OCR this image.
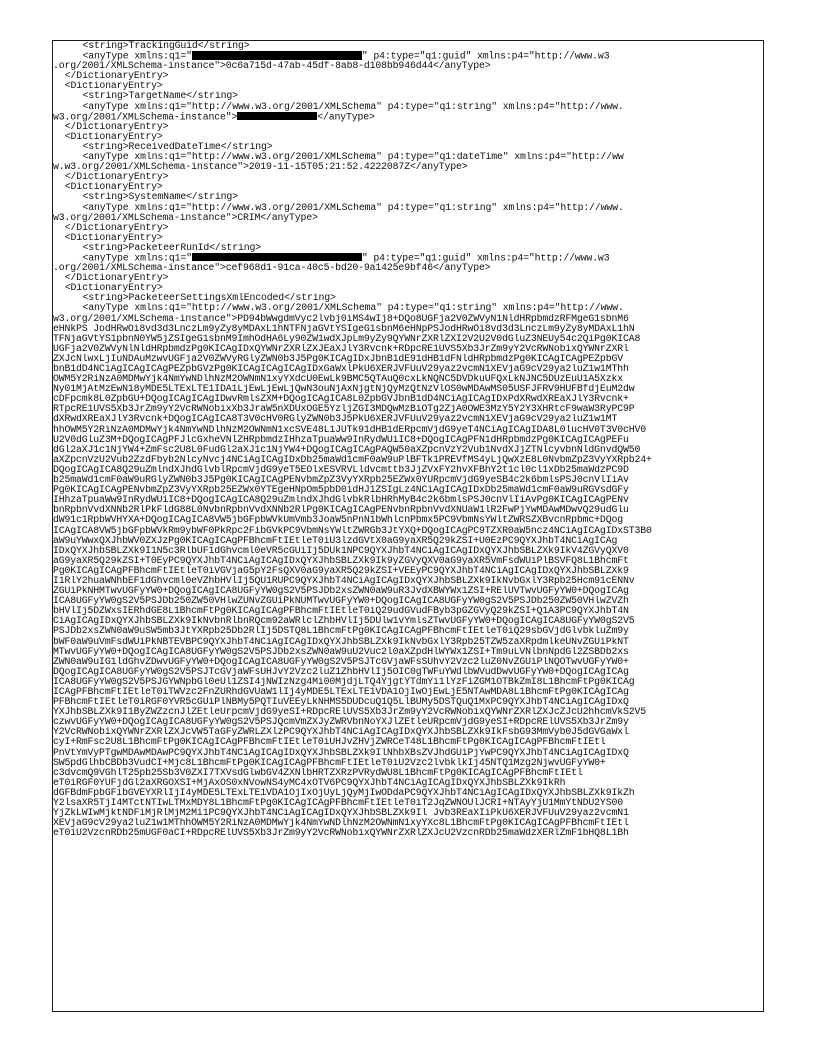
<string>TrackingGuid</string>
<anyType xmlns:q1="	" p4:type="q1:guid" xmlns:p4="http://www.w3
.org/2001/XMLSchema-instance">0c6a715d-47ab-45df-8ab8-d108bb946d44</anyType>
</DictionaryEntry>
<DictionaryEntry>
<string>TargetName</string>
<anyType xmlns:q1="http://www.w3.org/2001/XMLSchema" p4:type="q1:string" xmlns:p4="http://www.
w3.org/2001/XMLSchema-instance">	</anyType>
</DictionaryEntry>
<DictionaryEntry>
<string>ReceivedDateTime</string>
<anyType xmlns:q1="http://www.w3.org/2001/XMLSchema" p4:type="q1:dateTime" xmlns:p4="http://ww
w.w3.org/2001/XMLSchema-instance">2019-11-15T05:21:52.4222087Z</anyType>
</DictionaryEntry>
<DictionaryEntry>
<string>SystemName</string>
<anyType xmlns:q1="http://www.w3.org/2001/XMLSchema" p4:type="q1:string" xmlns:p4="http://www.
w3.org/2001/XMLSchema-instance">CRIM</anyType>
</DictionaryEntry>
<DictionaryEntry>
<string>PacketeerRunId</string>
<anyType xmlns:q1="	" p4:type="q1:guid" xmlns:p4="http://www.w3
.org/2001/XMLSchema-instance">cef968d1-91ca-40c5-bd20-9a1425e9bf46</anyType>
</DictionaryEntry>
<DictionaryEntry>
<string>PacketeerSettingsXmlEncoded</string>
<anyType xmlns:q1="http://www.w3.org/2001/XMLSchema" p4:type="q1:string" xmlns:p4="http://www.
w3.org/2001/XMLSchema-instance">PD94bWwgdmVyc2lvbj0iMS4wIj8+DQo8UGFja2V0ZWVyN1NldHRpbmdzRFMgeG1sbnM6
eHNkPS JodHRwOi8vd3d3LnczLm9yZy8yMDAxL1hNTFNjaGVtYSIgeG1sbnM6eHNpPSJodHRwOi8vd3d3LnczLm9yZy8yMDAxL1hN
TFNjaGVtYS1pbnN0YW5jZSIgeG1sbnM9ImhOdHA6Ly90ZW1wdXJpLm9yZy9QYWNrZXRlZXI2V2U2V0dGluZ3NEUy54c2QiPg0KICA8
UGFja2V0ZWVyNlNldHRpbmdzPg0KICAgIDxQYWNrZXRlZXJEaXJlY3Rvcnk+RDpcRE1UVS5Xb3JrZm9yY2VcRWNobixQYWNrZXRl
ZXJcNlwxLjIuNDAuMzwvUGFja2V0ZWVyRGlyZWN0b3J5Pg0KICAgIDxJbnB1dE91dHB1dFNldHRpbmdzPg0KICAgICAgPEZpbGV
bnB1dD4NCiAgICAgICAgPEZpbGVzPg0KICAgICAgICAgIDxGaWxlPkU6XERJVFUuV29yaz2vcmN1XEVjaG9cV29ya2luZ1w1MThh
OWM5Y2RiNzA0MDMwYjk4NmYwNDlhNzM2OWNmN1xyYXdcU0EwLk9BMC5QTAuQ0cxLkNQNC5DVDkuUFQxLkNJNC5DUzEuU1A5Xzkx
Ny01MjAtMzEwN18yMDE5LTExLTE1IDA1LjEwLjEwLjQwN3ouNjAxNjgtNjQyMzQtNzVlOS0wMDAwMS05USFJFRV9HUFBfdjEuM2dw
cDFpcmk8L0ZpbGU+DQogICAgICAgIDwvRmlsZXM+DQogICAgICA8L0ZpbGVJbnB1dD4NCiAgICAgIDxPdXRwdXREaXJlY3Rvcnk+
RTpcRE1UVS5Xb3JrZm9yY2VcRWNobixXb3JraW5nXDUxOGE5YzljZGI3MDQwMzBiOTg2ZjA0OWE3MzY5Y2Y3XHRtcF9waW3RyPC9P
dXRwdXREaXJlY3Rvcnk+DQogICAgICA8T3V0cHV0RGlyZWN0b3J5PkU6XERJVFUuV29yaz2vcmN1XEVjaG9cV29ya2luZ1w1MT
hhOWM5Y2RiNzA0MDMwYjk4NmYwNDlhNzM2OWNmN1xcSVE48L1JUTk91dHB1dERpcmVjdG9yeT4NCiAgICAgIDA8L0lucHV0T3V0cHV0
U2V0dGluZ3M+DQogICAgPFJlcGxheVNlZHRpbmdzIHhzaTpuaWw9InRydWUiIC8+DQogICAgPFN1dHRpbmdzPg0KICAgICAgPEFu
dGl2aXJ1c1NjYW4+ZmFsc2U8L0FudGl2aXJ1c1NjYW4+DQogICAgICAgPAQW50aXZpcnVzY2Vub1NvdXJjZTNlcyvbnNldGnvdQW50
aXZpcnVzU2Vub2ZzdFbyb2NlcyNvcj4NCiAgICAgIDxDb25maWd1cmF0aW9uPlBFTk1PREVfMS4yLjQwXzE8L0NvbmZpZ3VyYXRpb24+
DQogICAgICA8Q29uZmlndXJhdGlvblRpcmVjdG9yeT5EOlxESVRVLldvcmttb3JjZVxFY2hvXFBhY2t1cl0cl1xDb25maWdzPC9D
b25maWd1cmF0aW9uRGlyZWN0b3J5Pg0KICAgICAgPENvbmZpZ3VyYXRpb25EZWx0YURpcmVjdG9yeSB4c2k6bmlsPSJ0cnVlIiAv
Pg0KICAgICAgPENvbmZpZ3VyYXRpb25EZWx0YTEgeHNpOm5pbD0idHJ1ZSIgLz4NCiAgICAgIDxDb25maWd1cmF0aW9uRGVsdGFy
IHhzaTpuaWw9InRydWUiIC8+DQogICAgICA8Q29uZmlndXJhdGlvbkRlbHRhMyB4c2k6bmlsPSJ0cnVlIiAvPg0KICAgICAgPENv
bnRpbnVvdXNNb2RlPkFldG88L0NvbnRpbnVvdXNNb2RlPg0KICAgICAgPENvbnRpbnVvdXNUaW1lR2FwPjYwMDAwMDwvQ29udGlu
dW91c1RpbWVHYXA+DQogICAgICA8VW5jbGFpbWVkUmVmb3JoaW5nPnN1bWhlcnPbmx5PC9VbmNsYWltZWRSZXBvcnRpbmc+DQog
ICAgICA8VW5jbGFpbWVkRm9ybWF0PkRpc2FibGVkPC9VbmNsYWltZWRGb3JtYXQ+DQogICAgPC9TZXR0aW5ncz4NCiAgICAgIDxST3B0
aW9uYWwxQXJhbWV0ZXJzPg0KICAgICAgPFBhcmFtIEtleT0iU3lzdGVtX0aG9yaXR5Q29kZSI+U0EzPC9QYXJhbT4NCiAgICAg
IDxQYXJhbSBLZXk9I1N5c3RlbUF1dGhvcml0eVR5cGUiIj5DUk1NPC9QYXJhbT4NCiAgICAgIDxQYXJhbSBLZXk9IkV4ZGVyQXV0
aG9yaXR5Q29kZSI+T0EyPC9QYXJhbT4NCiAgICAgIDxQYXJhbSBLZXk9Ik9yZGVyQXV0aG9yaXR5VmFsdWUiPlBSVFQ8L1BhcmFt
Pg0KICAgICAgPFBhcmFtIEtleT0iVGVjaG5pY2FsQXV0aG9yaXR5Q29kZSI+VEEyPC9QYXJhbT4NCiAgICAgIDxQYXJhbSBLZXk9
I1RlY2huaWNhbEF1dGhvcml0eVZhbHVlIj5QU1RUPC9QYXJhbT4NCiAgICAgIDxQYXJhbSBLZXk9IkNvbGxlY3Rpb25Hcm91cENNv
ZGUiPkNHMTwvUGFyYW0+DQogICAgICA8UGFyYW0gS2V5PSJDb2xsZWN0aW9uR3JvdXBWYWx1ZSI+RElUVTwvUGFyYW0+DQogICAg
ICA8UGFyYW0gS2V5PSJDb250ZW50VHlwZUNvZGUiPkNUMTwvUGFyYW0+DQogICAgICA8UGFyYW0gS2V5PSJDb250ZW50VHlwZVZh
bHVlIj5DZWxsIERhdGE8L1BhcmFtPg0KICAgICAgPFBhcmFtIEtleT0iQ29udGVudFByb3pGZGVyQ29kZSI+Q1A3PC9QYXJhbT4N
CiAgICAgIDxQYXJhbSBLZXk9IkNvbnRlbnRQcm92aWRlclZhbHVlIj5DUlw1vYmlsZTwvUGFyYW0+DQogICAgICA8UGFyYW0gS2V5
PSJDb2xsZWN0aW9uSW5mb3JtYXRpb25Db2RlIj5DSTQ8L1BhcmFtPg0KICAgICAgPFBhcmFtIEtleT0iQ29sbGVjdGlvbkluZm9y
bWF0aW9uVmFsdWUiPkNBTEVBPC9QYXJhbT4NCiAgICAgIDxQYXJhbSBLZXk9IkNvbGxlY3Rpb25TZW5zaXRpdmlkeUNvZGUiPkNT
MTwvUGFyYW0+DQogICAgICA8UGFyYW0gS2V5PSJDb2xsZWN0aW9uU2Vuc2l0aXZpdHlWYWx1ZSI+Tm9uLVNlbnNpdGl2ZSBDb2xs
ZWN0aW9uIG1ldGhvZDwvUGFyYW0+DQogICAgICA8UGFyYW0gS2V5PSJTcGVjaWFsSUhvY2Vzc2luZ0NvZGUiPlNQOTwvUGFyYW0+
DQogICAgICA8UGFyYW0gS2V5PSJTcGVjaWFsUHJvY2Vzc2luZ1ZhbHVlIj5OIC0gTWFuYWdlbWVudDwvUGFyYW0+DQogICAgICAg
ICA8UGFyYW0gS2V5PSJGYWNpbGl0eUl1ZSI4jNWIzNzg4Mi00MjdjLTQ4YjgtYTdmYi1lYzFiZGM1OTBkZmI8L1BhcmFtPg0KICAg
ICAgPFBhcmFtIEtleT0iTWVzc2FnZURhdGVUaW1lIj4yMDE5LTExLTE1VDA1OjIwOjEwLjE5NTAwMDA8L1BhcmFtPg0KICAgICAg
PFBhcmFtIEtleT0iRGF0YVR5cGUiPlNBMy5PQTIuVEEyLkNHMS5DUDcuQ1Q5LlBUMy5DSTQuQ1MxPC9QYXJhbT4NCiAgICAgIDxQ
YXJhbSBLZXk9I1ByZWZzcnJlZEtleUrpcmVjdG9yeSI+RDpcRElUVS5Xb3JrZm9yY2VcRWNobixQYWNrZXRlZXJcZJcU2hhcmVkS2V5
czwvUGFyYW0+DQogICAgICA8UGFyYW0gS2V5PSJQcmVmZXJyZWRVbnNoYXJlZEtleURpcmVjdG9yeSI+RDpcRElUVS5Xb3JrZm9y
Y2VcRWNobixQYWNrZXRlZXJcVW5TaGFyZWRLZXlzPC9QYXJhbT4NCiAgICAgIDxQYXJhbSBLZXk9IkFsbG93MmVyb0J5dGVGaWxl
cyI+RmFsc2U8L1BhcmFtPg0KICAgICAgPFBhcmFtIEtleT0iUHJvZHVjZWRCeT48L1BhcmFtPg0KICAgICAgPFBhcmFtIEtl
PnVtYmVyPTgwMDAwMDAwPC9QYXJhbT4NCiAgICAgIDxQYXJhbSBLZXk9IlNhbXBsZVJhdGUiPjYwPC9QYXJhbT4NCiAgICAgIDxQ
SW5pdGlhbCBDb3VudCI+Mjc8L1BhcmFtPg0KICAgICAgPFBhcmFtIEtleT0iU2Vzc2lvbklkIj45NTQ1Mzg2NjwvUGFyYW0+
c3dvcmQ9VGhlT25pb25Sb3V0ZXI7TXVsdGlwbGV4ZXNlbHRTZXRzPVRydWU8L1BhcmFtPg0KICAgICAgPFBhcmFtIEtl
eT0iRGF0YUFjdGl2aXRGOXSI+MjAxOS0xNVowNS4yMC4xOTV6PC9QYXJhbT4NCiAgICAgIDxQYXJhbSBLZXk9IkRh
dGFBdmFpbGFibGVEYXRlIjI4yMDE5LTExLTE1VDA1OjIxOjUyLjQyMjIwODdaPC9QYXJhbT4NCiAgICAgIDxQYXJhbSBLZXk9IkZh
Y2lsaXR5TjI4MTctNTIwLTMxMDY8L1BhcmFtPg0KICAgICAgPFBhcmFtIEtleT0iT2JqZWNOUlJCRI+NTAyYjU1MmYtNDU2YS00
YjZkLWIwMjktNDFiMjRlMjM2Mi1PC9QYXJhbT4NCiAgICAgIDxQYXJhbSBLZXk9Il Jvb3REaXIiPkU6XERJVFUuV29yaz2vcmN1
XEVjaG9cV29ya2luZ1w1MThhOWM5Y2RiNzA0MDMwYjk4NmYwNDlhNzM2OWNmN1xyYXc8L1BhcmFtPg0KICAgICAgPFBhcmFtIEtl
eT0iU2VzcnRDb25mUGF0aCI+RDpcRElUVS5Xb3JrZm9yY2VcRWNobixQYWNrZXRlZXJcU2VzcnRDb25maWdzXERlZmF1bHQ8L1Bh
